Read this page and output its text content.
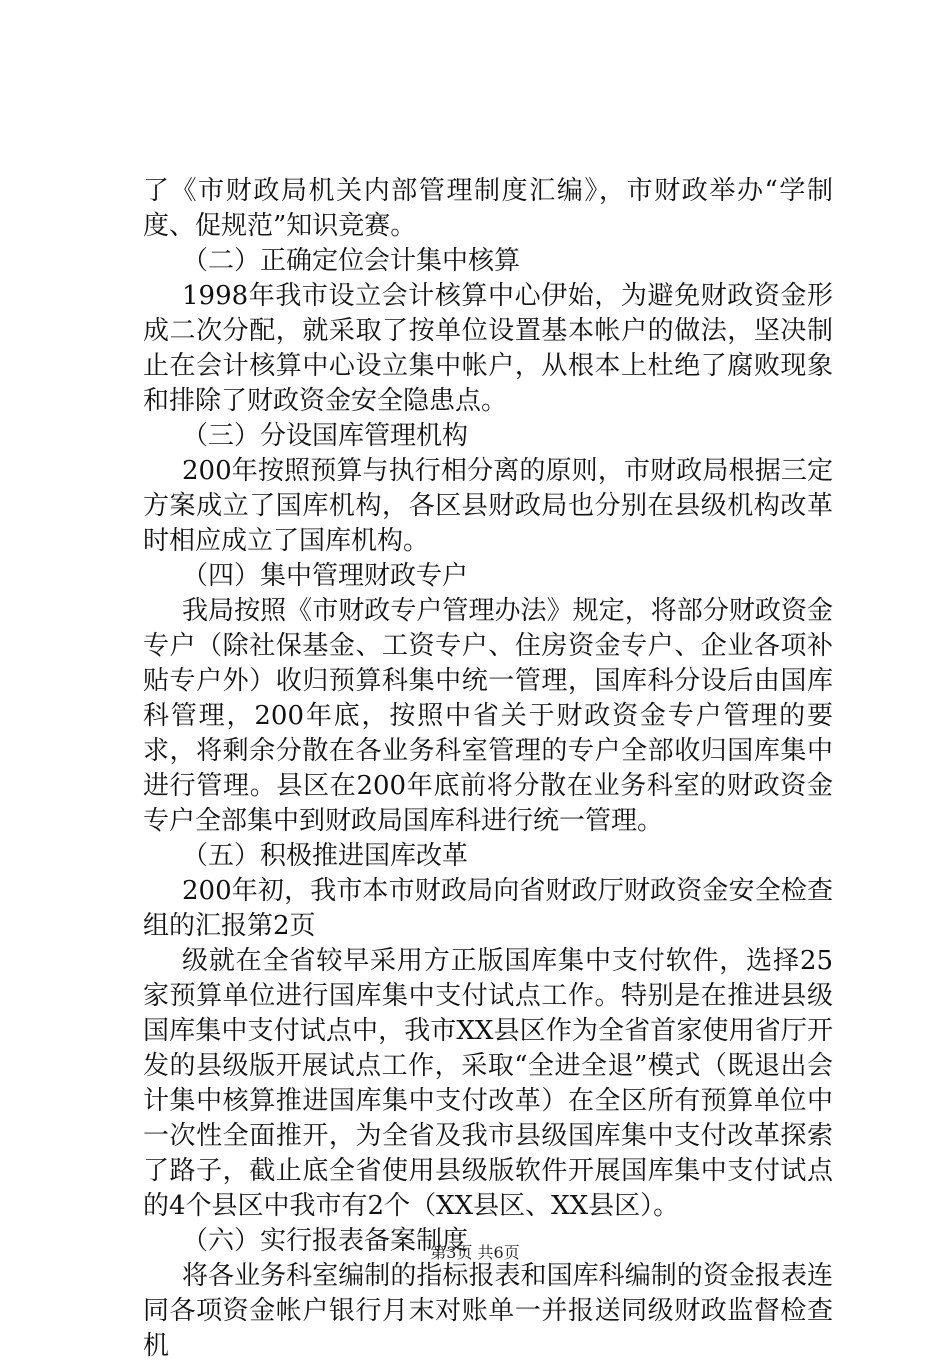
了《市财政局机关内部管理制度汇编》，市财政举办“学制度、促规范”知识竞赛。

（二）正确定位会计集中核算

1998年我市设立会计核算中心伊始，为避免财政资金形成二次分配，就采取了按单位设置基本帐户的做法，坚决制止在会计核算中心设立集中帐户，从根本上杜绝了腐败现象和排除了财政资金安全隐患点。

（三）分设国库管理机构

200年按照预算与执行相分离的原则，市财政局根据三定方案成立了国库机构，各区县财政局也分别在县级机构改革时相应成立了国库机构。

（四）集中管理财政专户

我局按照《市财政专户管理办法》规定，将部分财政资金专户（除社保基金、工资专户、住房资金专户、企业各项补贴专户外）收归预算科集中统一管理，国库科分设后由国库科管理，200年底，按照中省关于财政资金专户管理的要求，将剩余分散在各业务科室管理的专户全部收归国库集中进行管理。县区在200年底前将分散在业务科室的财政资金专户全部集中到财政局国库科进行统一管理。

（五）积极推进国库改革

200年初，我市本市财政局向省财政厅财政资金安全检查组的汇报第2页

级就在全省较早采用方正版国库集中支付软件，选择25家预算单位进行国库集中支付试点工作。特别是在推进县级国库集中支付试点中，我市XX县区作为全省首家使用省厅开发的县级版开展试点工作，采取“全进全退”模式（既退出会计集中核算推进国库集中支付改革）在全区所有预算单位中一次性全面推开，为全省及我市县级国库集中支付改革探索了路子，截止底全省使用县级版软件开展国库集中支付试点的4个县区中我市有2个（XX县区、XX县区）。

（六）实行报表备案制度

将各业务科室编制的指标报表和国库科编制的资金报表连同各项资金帐户银行月末对账单一并报送同级财政监督检查机

第3页 共6页
